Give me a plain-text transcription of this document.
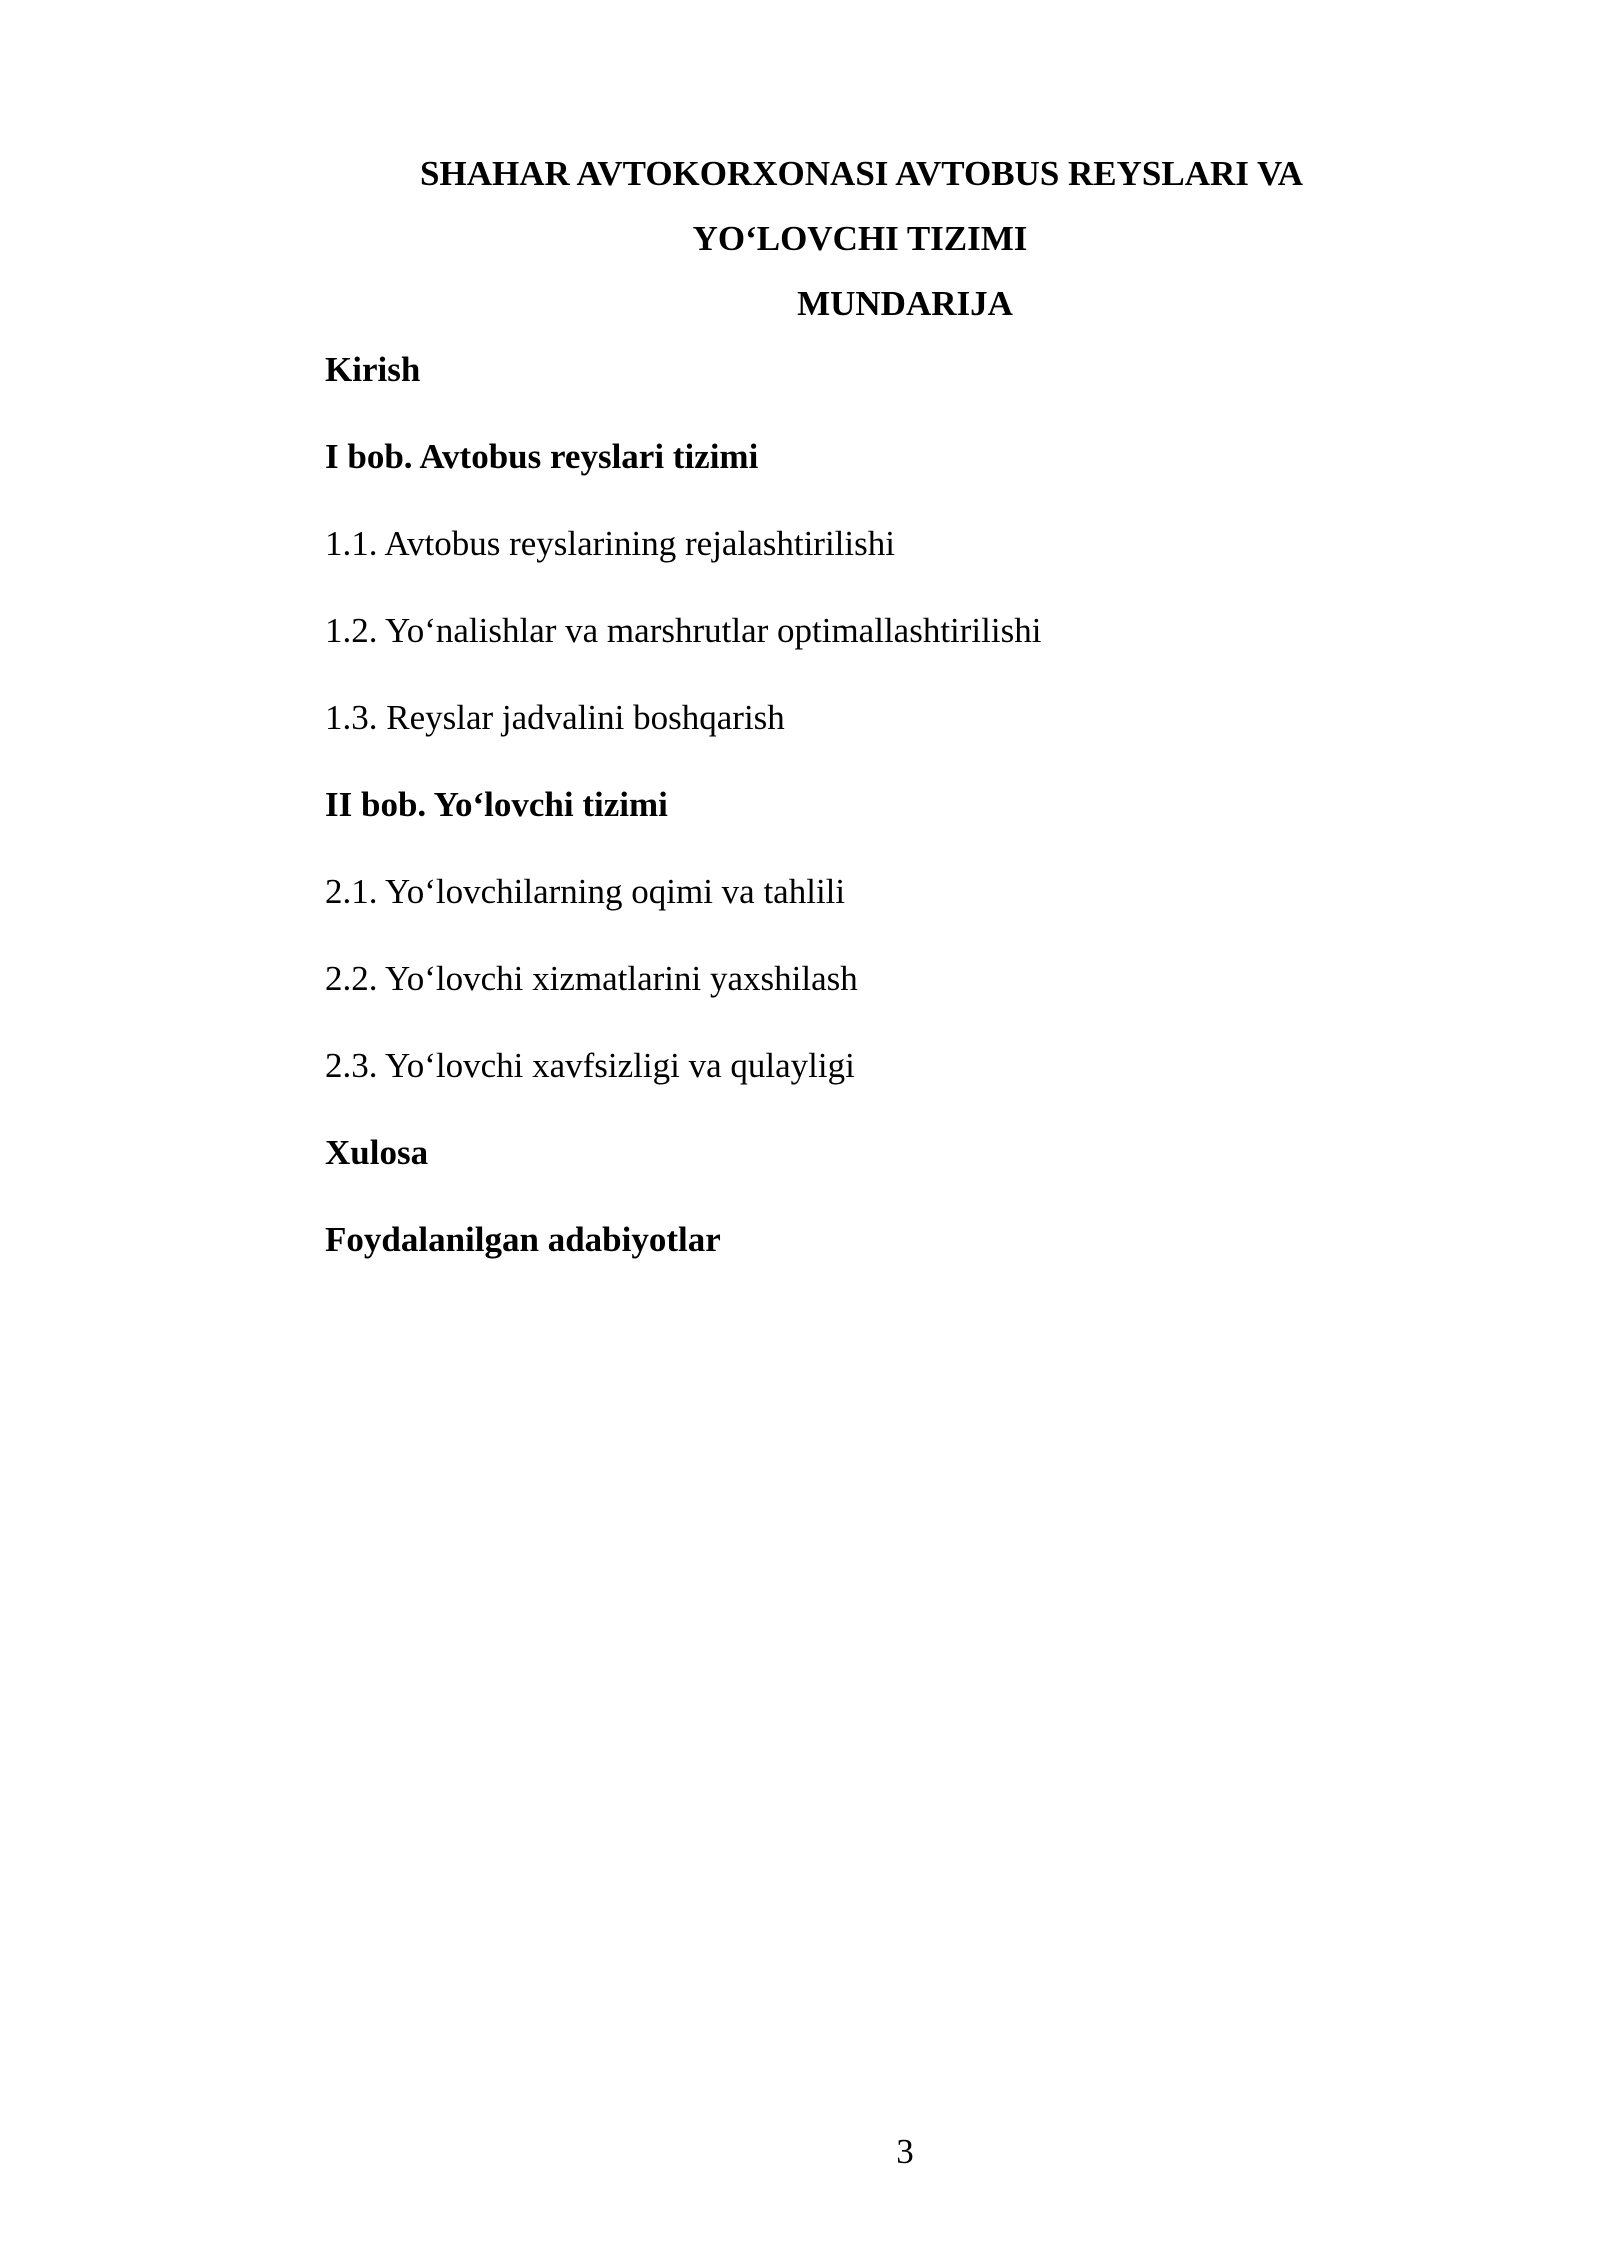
SHAHAR AVTOKORXONASI AVTOBUS REYSLARI VA
YO‘LOVCHI TIZIMI
MUNDARIJA
Kirish
I bob. Avtobus reyslari tizimi
1.1. Avtobus reyslarining rejalashtirilishi
1.2. Yo‘nalishlar va marshrutlar optimallashtirilishi
1.3. Reyslar jadvalini boshqarish
II bob. Yo‘lovchi tizimi
2.1. Yo‘lovchilarning oqimi va tahlili
2.2. Yo‘lovchi xizmatlarini yaxshilash
2.3. Yo‘lovchi xavfsizligi va qulayligi
Xulosa
Foydalanilgan adabiyotlar
3
